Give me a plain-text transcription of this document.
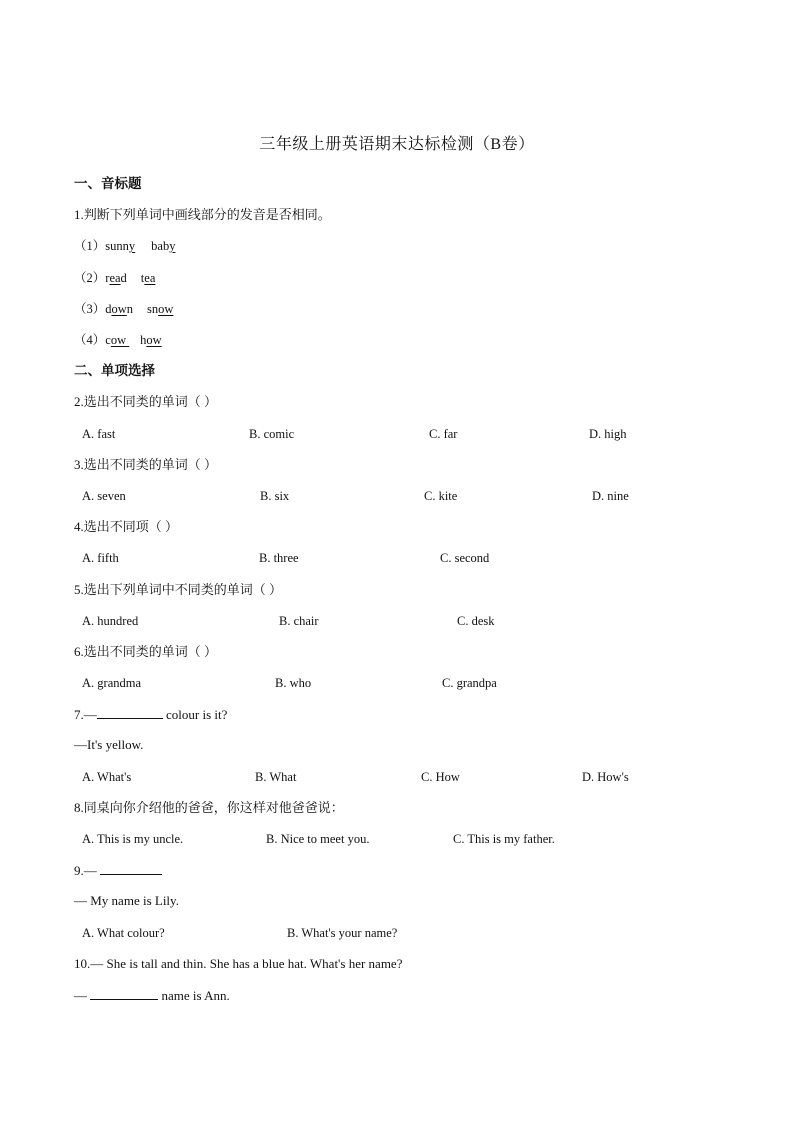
三年级上册英语期末达标检测（B卷）
一、音标题
1.判断下列单词中画线部分的发音是否相同。
（1）sunny baby
（2）read tea
（3）down snow
（4）cow how
二、单项选择
2.选出不同类的单词（ ）
A. fast	B. comic	C. far	D. high
3.选出不同类的单词（ ）
A. seven	B. six	C. kite	D. nine
4.选出不同项（ ）
A. fifth	B. three	C. second
5.选出下列单词中不同类的单词（ ）
A. hundred	B. chair	C. desk
6.选出不同类的单词（ ）
A. grandma	B. who	C. grandpa
7.—	colour is it?
—It's yellow.
A. What's	B. What	C. How	D. How's
8.同桌向你介绍他的爸爸，你这样对他爸爸说：
A. This is my uncle.	B. Nice to meet you.	C. This is my father.
9.—
— My name is Lily.
A. What colour?	B. What's your name?
10.— She is tall and thin. She has a blue hat. What's her name?
—	name is Ann.
